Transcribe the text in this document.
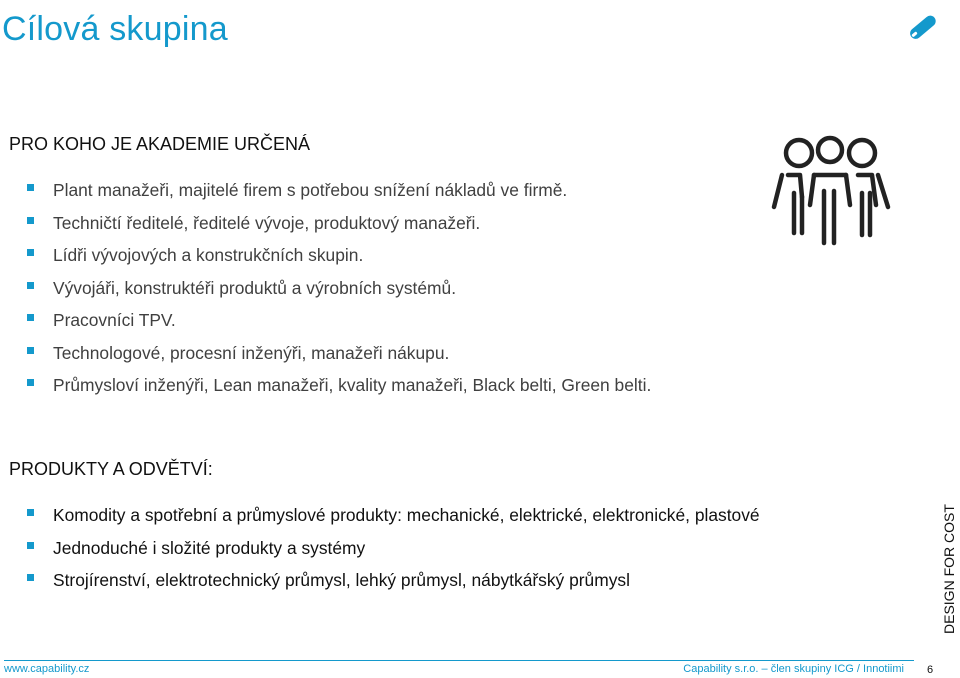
Cílová skupina
PRO KOHO JE AKADEMIE URČENÁ
Plant manažeři, majitelé firem s potřebou snížení nákladů ve firmě.
Techničtí ředitelé, ředitelé vývoje, produktový manažeři.
Lídři vývojových a konstrukčních skupin.
Vývojáři, konstruktéři produktů a výrobních systémů.
Pracovníci TPV.
Technologové, procesní inženýři, manažeři nákupu.
Průmysloví inženýři, Lean manažeři, kvality manažeři, Black belti, Green belti.
PRODUKTY A ODVĚTVÍ:
Komodity a spotřební a průmyslové produkty: mechanické, elektrické, elektronické, plastové
Jednoduché i složité produkty a systémy
Strojírenství, elektrotechnický průmysl, lehký průmysl, nábytkářský průmysl	DESIGN FOR COST
www.capability.cz	Capability s.r.o. – člen skupiny ICG / Innotiimi 6
